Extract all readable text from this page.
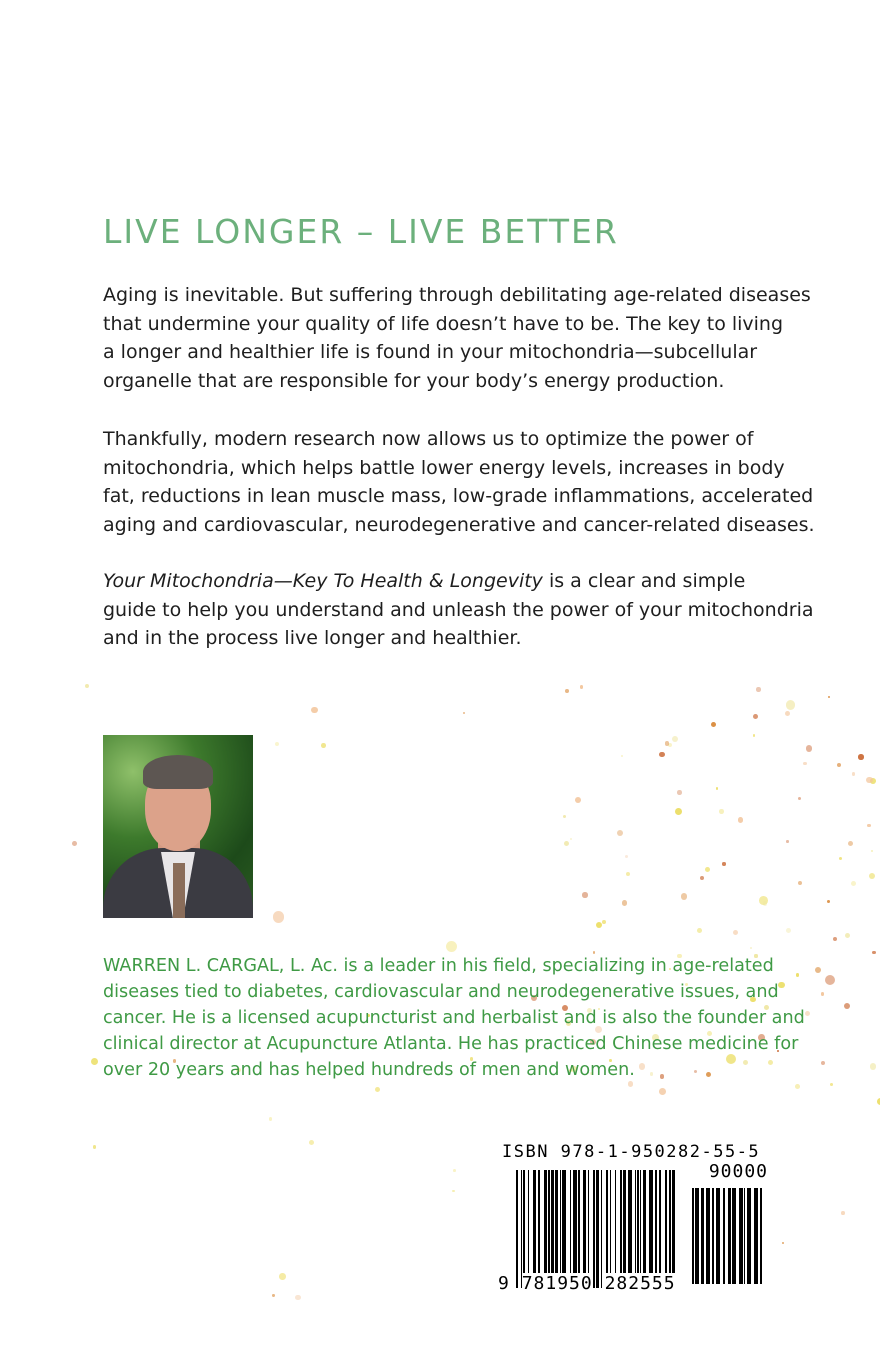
LIVE LONGER – LIVE BETTER

Aging is inevitable. But suffering through debilitating age-related diseases
that undermine your quality of life doesn’t have to be. The key to living
a longer and healthier life is found in your mitochondria—subcellular
organelle that are responsible for your body’s energy production.

Thankfully, modern research now allows us to optimize the power of
mitochondria, which helps battle lower energy levels, increases in body
fat, reductions in lean muscle mass, low-grade inflammations, accelerated
aging and cardiovascular, neurodegenerative and cancer-related diseases.

Your Mitochondria—Key To Health & Longevity is a clear and simple
guide to help you understand and unleash the power of your mitochondria
and in the process live longer and healthier.

WARREN L. CARGAL, L. Ac. is a leader in his field, specializing in age-related
diseases tied to diabetes, cardiovascular and neurodegenerative issues, and
cancer. He is a licensed acupuncturist and herbalist and is also the founder and
clinical director at Acupuncture Atlanta. He has practiced Chinese medicine for
over 20 years and has helped hundreds of men and women.

ISBN 978-1-950282-55-5
90000
9 781950 282555
